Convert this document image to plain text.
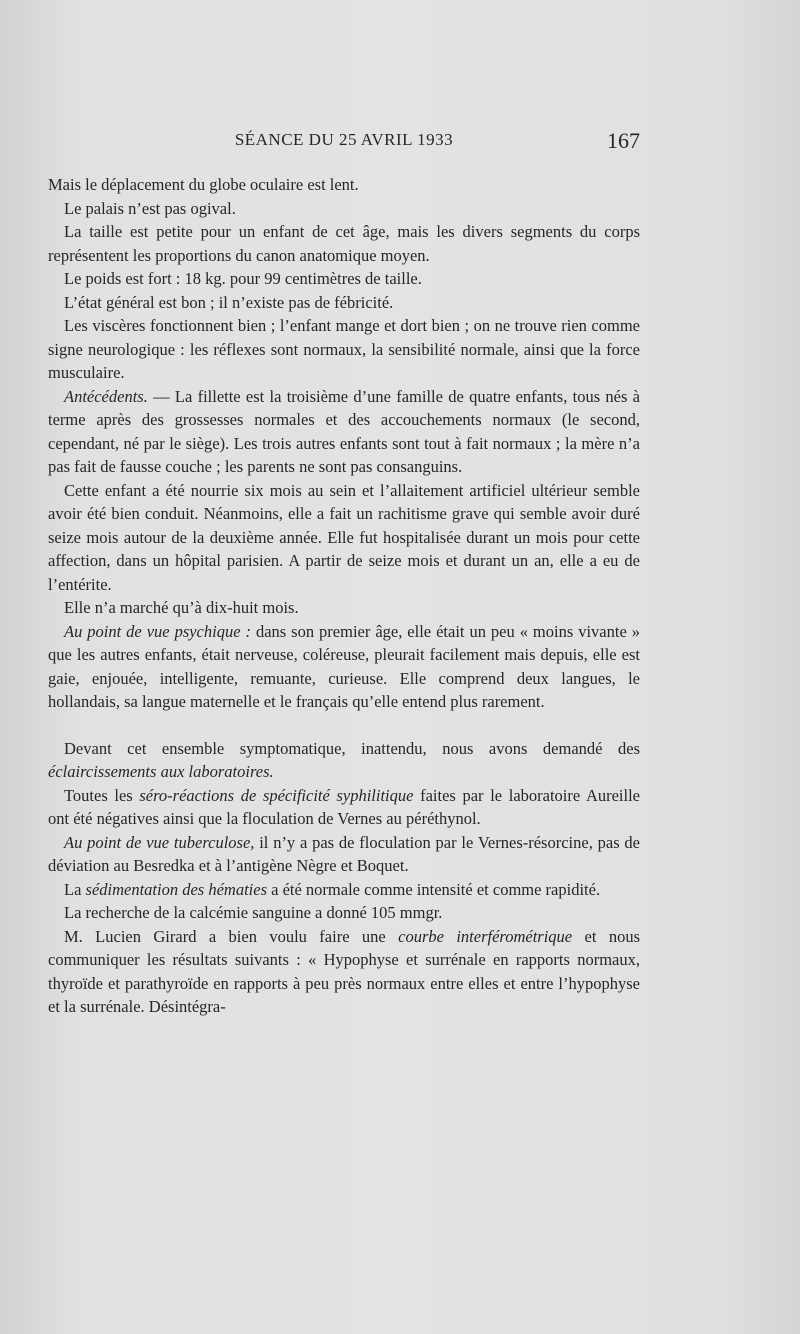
SÉANCE DU 25 AVRIL 1933	167

Mais le déplacement du globe oculaire est lent.

Le palais n’est pas ogival.

La taille est petite pour un enfant de cet âge, mais les divers segments du corps représentent les proportions du canon anatomique moyen.

Le poids est fort : 18 kg. pour 99 centimètres de taille.

L’état général est bon ; il n’existe pas de fébricité.

Les viscères fonctionnent bien ; l’enfant mange et dort bien ; on ne trouve rien comme signe neurologique : les réflexes sont normaux, la sensibilité normale, ainsi que la force musculaire.

Antécédents. — La fillette est la troisième d’une famille de quatre enfants, tous nés à terme après des grossesses normales et des accouchements normaux (le second, cependant, né par le siège). Les trois autres enfants sont tout à fait normaux ; la mère n’a pas fait de fausse couche ; les parents ne sont pas consanguins.

Cette enfant a été nourrie six mois au sein et l’allaitement artificiel ultérieur semble avoir été bien conduit. Néanmoins, elle a fait un rachitisme grave qui semble avoir duré seize mois autour de la deuxième année. Elle fut hospitalisée durant un mois pour cette affection, dans un hôpital parisien. A partir de seize mois et durant un an, elle a eu de l’entérite.

Elle n’a marché qu’à dix-huit mois.

Au point de vue psychique : dans son premier âge, elle était un peu « moins vivante » que les autres enfants, était nerveuse, coléreuse, pleurait facilement mais depuis, elle est gaie, enjouée, intelligente, remuante, curieuse. Elle comprend deux langues, le hollandais, sa langue maternelle et le français qu’elle entend plus rarement.

Devant cet ensemble symptomatique, inattendu, nous avons demandé des éclaircissements aux laboratoires.

Toutes les séro-réactions de spécificité syphilitique faites par le laboratoire Aureille ont été négatives ainsi que la floculation de Vernes au péréthynol.

Au point de vue tuberculose, il n’y a pas de floculation par le Vernes-résorcine, pas de déviation au Besredka et à l’antigène Nègre et Boquet.

La sédimentation des hématies a été normale comme intensité et comme rapidité.

La recherche de la calcémie sanguine a donné 105 mmgr.

M. Lucien Girard a bien voulu faire une courbe interférométrique et nous communiquer les résultats suivants : « Hypophyse et surrénale en rapports normaux, thyroïde et parathyroïde en rapports à peu près normaux entre elles et entre l’hypophyse et la surrénale. Désintégra-
